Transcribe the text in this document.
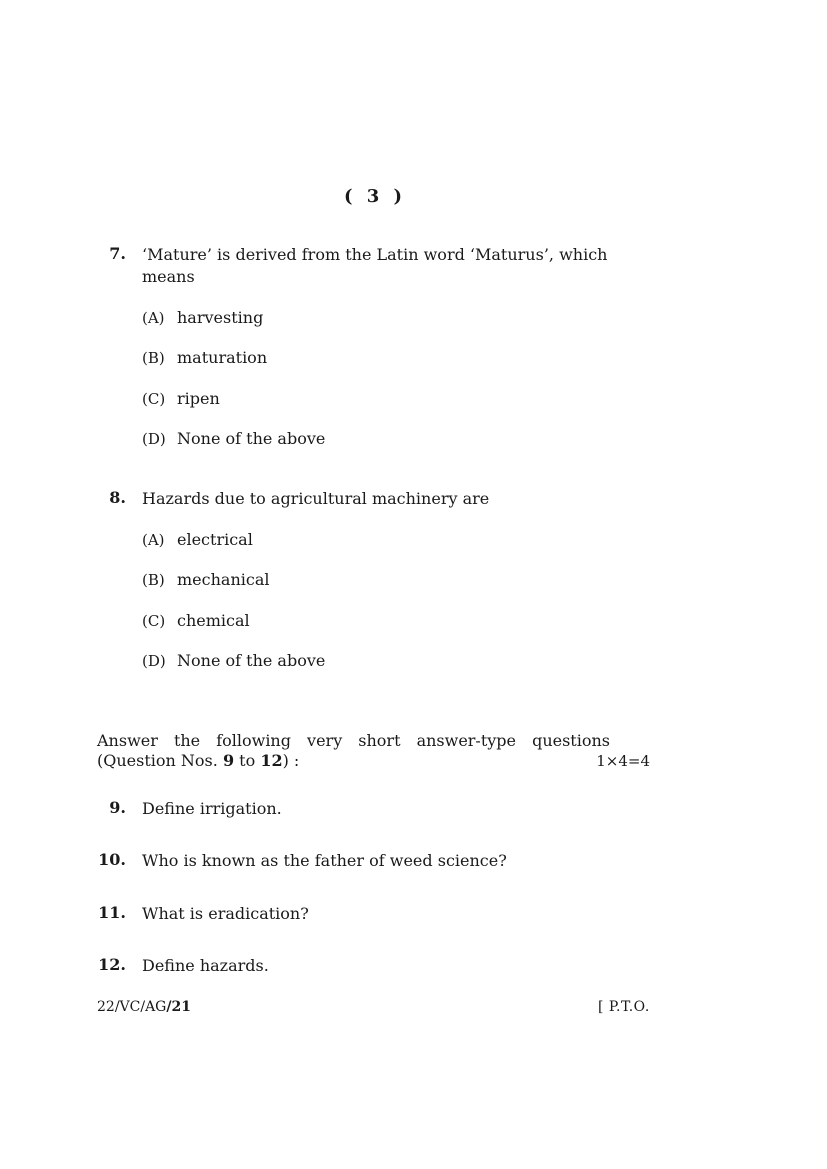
( 3 )
7. ‘Mature’ is derived from the Latin word ‘Maturus’, which
means
(A) harvesting
(B) maturation
(C) ripen
(D) None of the above
8. Hazards due to agricultural machinery are
(A) electrical
(B) mechanical
(C) chemical
(D) None of the above
Answer the following very short answer-type questions
(Question Nos. 9 to 12) :	1×4=4
9. Define irrigation.
10. Who is known as the father of weed science?
11. What is eradication?
12. Define hazards.
22/VC/AG/21	[ P.T.O.
